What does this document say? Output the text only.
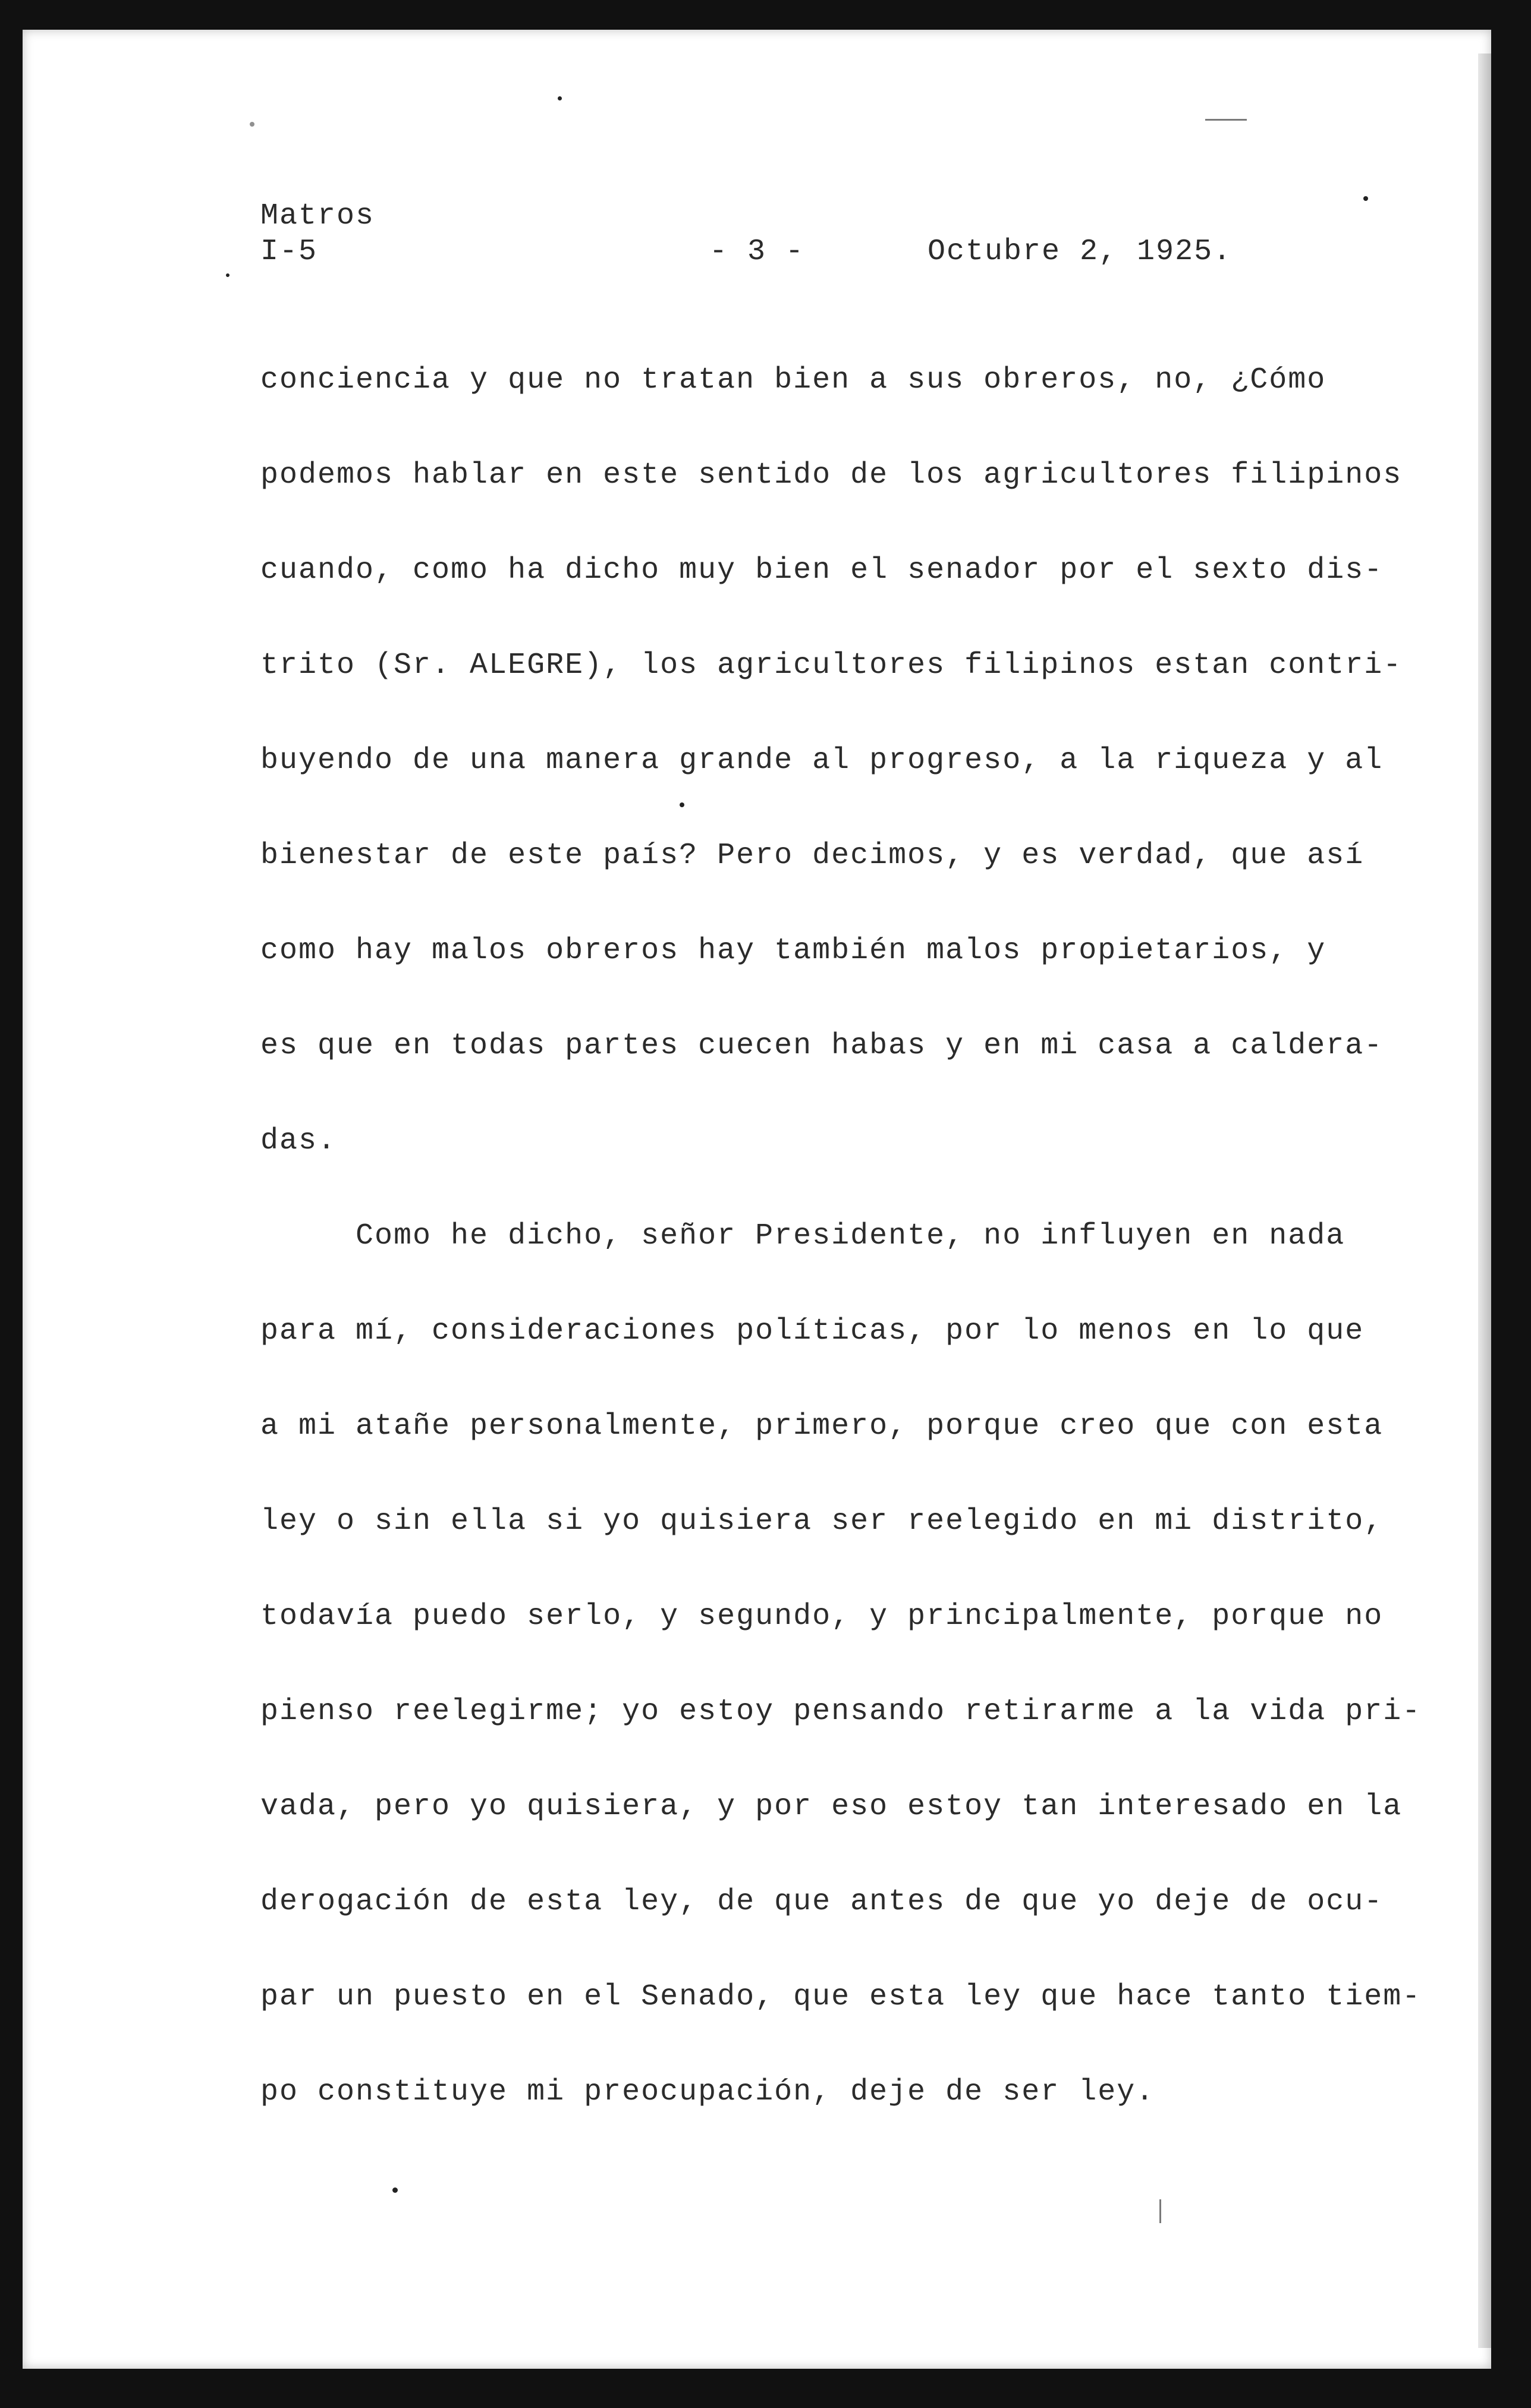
Matros
I-5	- 3 -	Octubre 2, 1925.
conciencia y que no tratan bien a sus obreros, no, ¿Cómo
podemos hablar en este sentido de los agricultores filipinos
cuando, como ha dicho muy bien el senador por el sexto dis-
trito (Sr. ALEGRE), los agricultores filipinos estan contri-
buyendo de una manera grande al progreso, a la riqueza y al
bienestar de este país? Pero decimos, y es verdad, que así
como hay malos obreros hay también malos propietarios, y
es que en todas partes cuecen habas y en mi casa a caldera-
das.
Como he dicho, señor Presidente, no influyen en nada
para mí, consideraciones políticas, por lo menos en lo que
a mi atañe personalmente, primero, porque creo que con esta
ley o sin ella si yo quisiera ser reelegido en mi distrito,
todavía puedo serlo, y segundo, y principalmente, porque no
pienso reelegirme; yo estoy pensando retirarme a la vida pri-
vada, pero yo quisiera, y por eso estoy tan interesado en la
derogación de esta ley, de que antes de que yo deje de ocu-
par un puesto en el Senado, que esta ley que hace tanto tiem-
po constituye mi preocupación, deje de ser ley.
